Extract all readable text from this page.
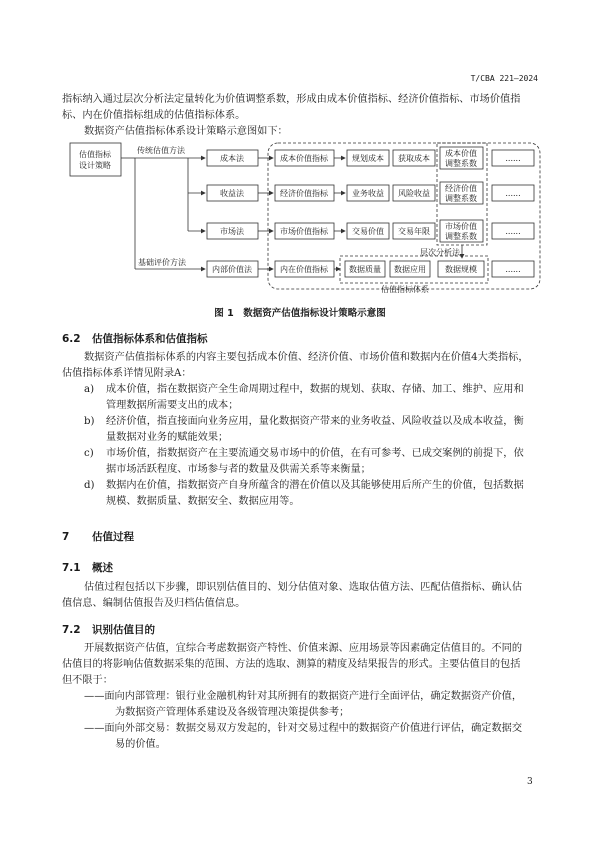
T/CBA 221—2024
指标纳入通过层次分析法定量转化为价值调整系数，形成由成本价值指标、经济价值指标、市场价值指
标、内在价值指标组成的估值指标体系。
数据资产估值指标体系设计策略示意图如下：
估值指标
设计策略
传统估值方法
基础评价方法
成本法
收益法
市场法
内部价值法
成本价值指标
经济价值指标
市场价值指标
内在价值指标
规划成本 获取成本
业务收益 风险收益
交易价值 交易年限
数据质量 数据应用 数据规模
成本价值
调整系数
经济价值
调整系数
市场价值
调整系数
......
......
......
......
层次分析法
估值指标体系
图 1　数据资产估值指标设计策略示意图
6.2 估值指标体系和估值指标
数据资产估值指标体系的内容主要包括成本价值、经济价值、市场价值和数据内在价值4大类指标，
估值指标体系详情见附录A：
a) 成本价值，指在数据资产全生命周期过程中，数据的规划、获取、存储、加工、维护、应用和
管理数据所需要支出的成本；
b) 经济价值，指直接面向业务应用，量化数据资产带来的业务收益、风险收益以及成本收益，衡
量数据对业务的赋能效果；
c) 市场价值，指数据资产在主要流通交易市场中的价值，在有可参考、已成交案例的前提下，依
据市场活跃程度、市场参与者的数量及供需关系等来衡量；
d) 数据内在价值，指数据资产自身所蕴含的潜在价值以及其能够使用后所产生的价值，包括数据
规模、数据质量、数据安全、数据应用等。
7 估值过程
7.1 概述
估值过程包括以下步骤，即识别估值目的、划分估值对象、选取估值方法、匹配估值指标、确认估
值信息、编制估值报告及归档估值信息。
7.2 识别估值目的
开展数据资产估值，宜综合考虑数据资产特性、价值来源、应用场景等因素确定估值目的。不同的
估值目的将影响估值数据采集的范围、方法的选取、测算的精度及结果报告的形式。主要估值目的包括
但不限于：
——面向内部管理：银行业金融机构针对其所拥有的数据资产进行全面评估，确定数据资产价值，
为数据资产管理体系建设及各级管理决策提供参考；
——面向外部交易：数据交易双方发起的，针对交易过程中的数据资产价值进行评估，确定数据交
易的价值。
3
